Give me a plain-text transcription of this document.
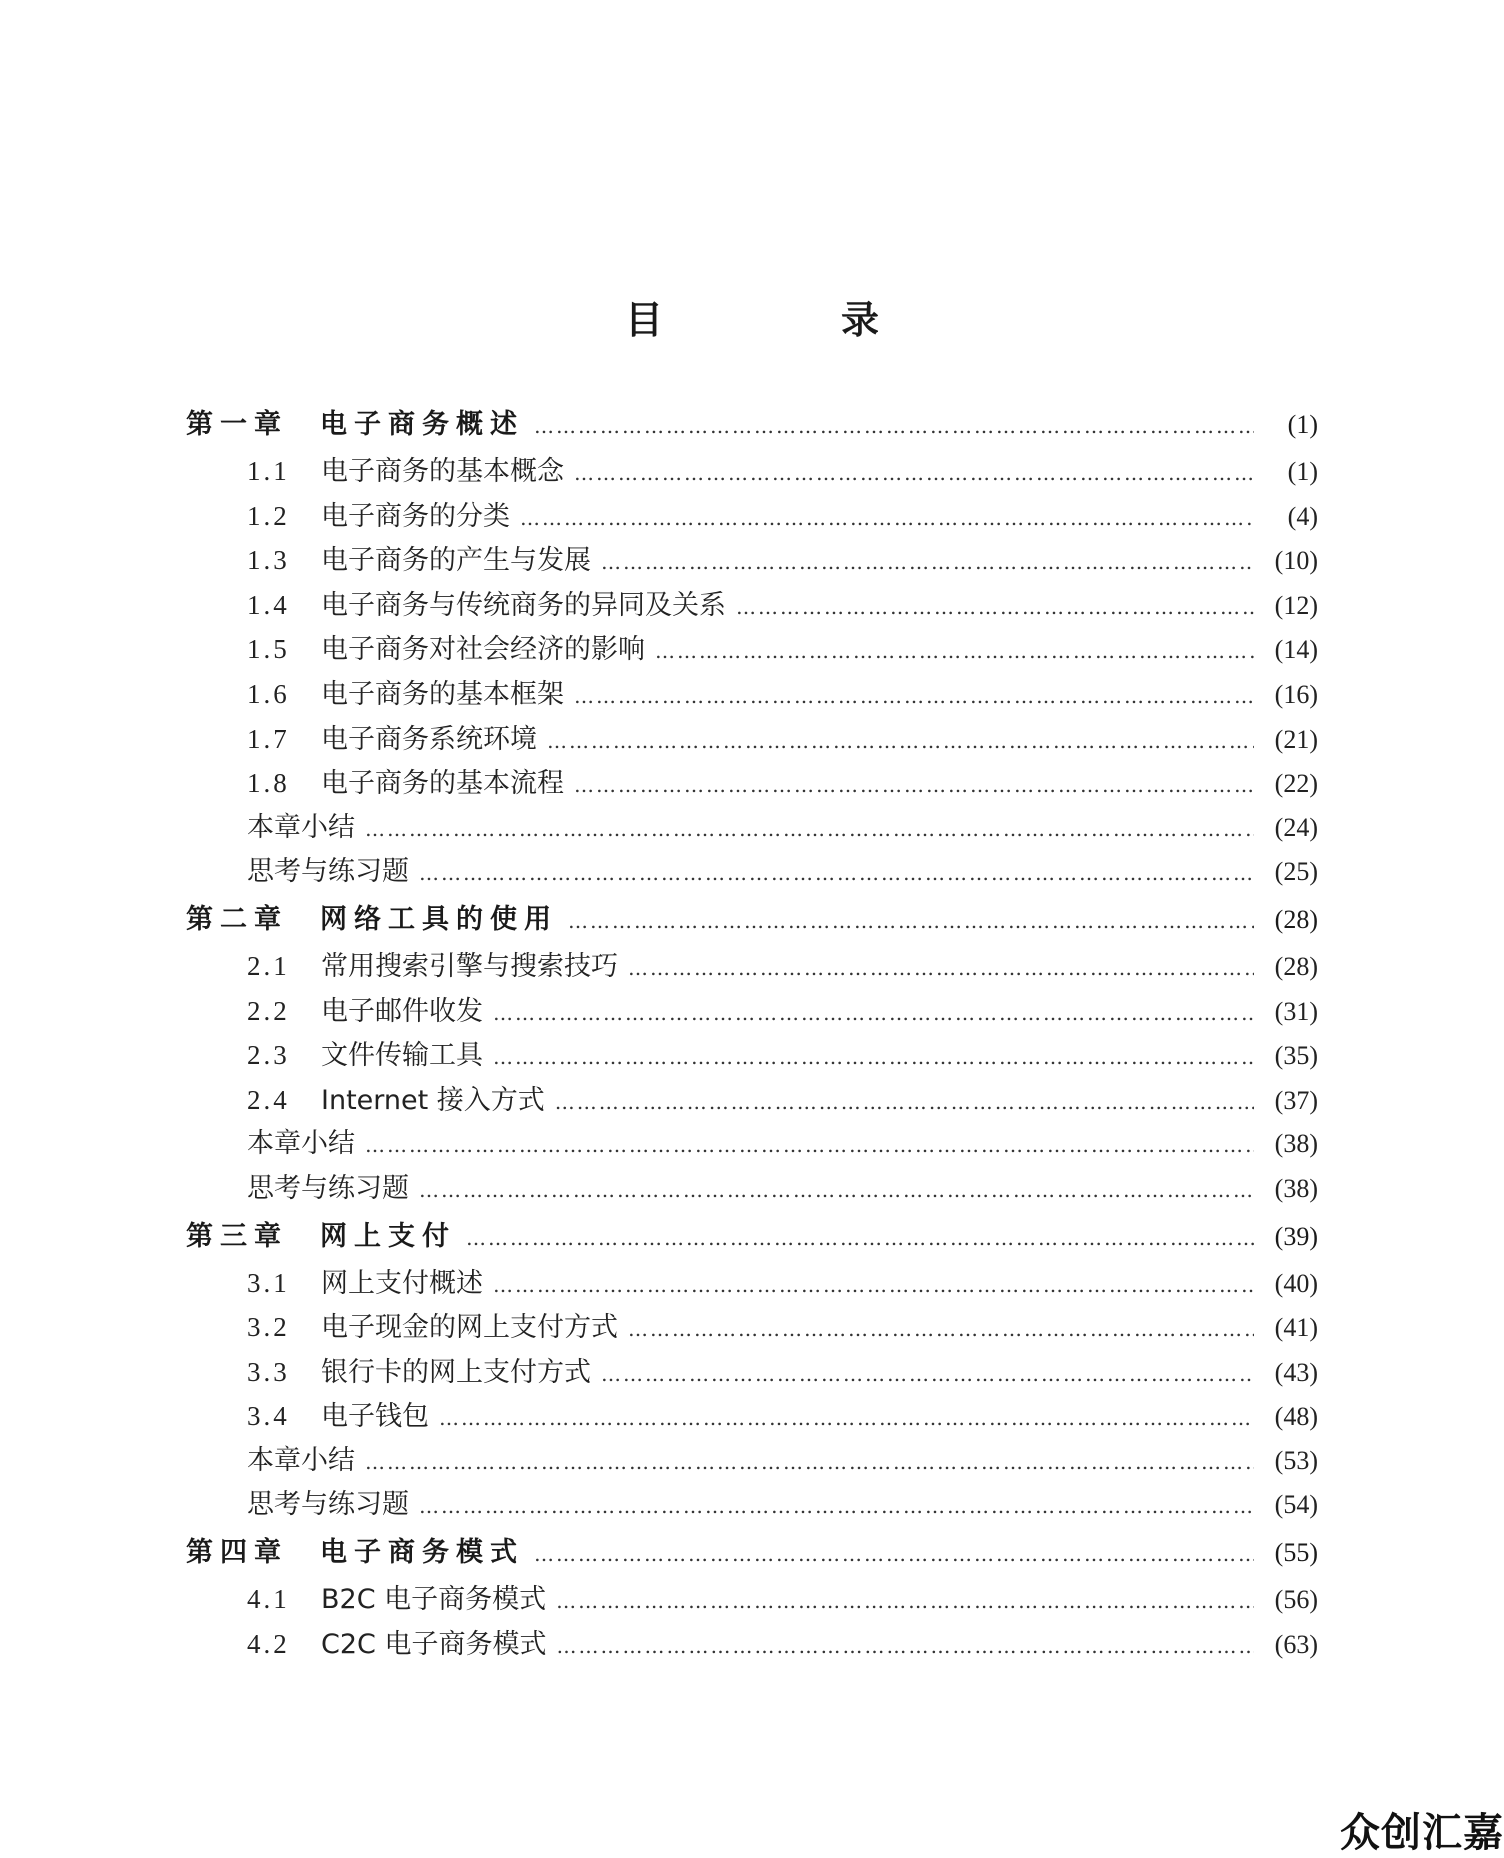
目　录
第一章	电子商务概述 ……………………………………………………………………………………………………………………………………………………………………………………………………	(1)
1.1	电子商务的基本概念 ……………………………………………………………………………………………………………………………………………………………………………………………………	(1)
1.2	电子商务的分类 ……………………………………………………………………………………………………………………………………………………………………………………………………	(4)
1.3	电子商务的产生与发展 ……………………………………………………………………………………………………………………………………………………………………………………………………	(10)
1.4	电子商务与传统商务的异同及关系 ……………………………………………………………………………………………………………………………………………………………………………………………………	(12)
1.5	电子商务对社会经济的影响 ……………………………………………………………………………………………………………………………………………………………………………………………………	(14)
1.6	电子商务的基本框架 ……………………………………………………………………………………………………………………………………………………………………………………………………	(16)
1.7	电子商务系统环境 ……………………………………………………………………………………………………………………………………………………………………………………………………	(21)
1.8	电子商务的基本流程 ……………………………………………………………………………………………………………………………………………………………………………………………………	(22)
本章小结 ……………………………………………………………………………………………………………………………………………………………………………………………………	(24)
思考与练习题 ……………………………………………………………………………………………………………………………………………………………………………………………………	(25)
第二章	网络工具的使用 ……………………………………………………………………………………………………………………………………………………………………………………………………	(28)
2.1	常用搜索引擎与搜索技巧 ……………………………………………………………………………………………………………………………………………………………………………………………………	(28)
2.2	电子邮件收发 ……………………………………………………………………………………………………………………………………………………………………………………………………	(31)
2.3	文件传输工具 ……………………………………………………………………………………………………………………………………………………………………………………………………	(35)
2.4	Internet 接入方式 ……………………………………………………………………………………………………………………………………………………………………………………………………	(37)
本章小结 ……………………………………………………………………………………………………………………………………………………………………………………………………	(38)
思考与练习题 ……………………………………………………………………………………………………………………………………………………………………………………………………	(38)
第三章	网上支付 ……………………………………………………………………………………………………………………………………………………………………………………………………	(39)
3.1	网上支付概述 ……………………………………………………………………………………………………………………………………………………………………………………………………	(40)
3.2	电子现金的网上支付方式 ……………………………………………………………………………………………………………………………………………………………………………………………………	(41)
3.3	银行卡的网上支付方式 ……………………………………………………………………………………………………………………………………………………………………………………………………	(43)
3.4	电子钱包 ……………………………………………………………………………………………………………………………………………………………………………………………………	(48)
本章小结 ……………………………………………………………………………………………………………………………………………………………………………………………………	(53)
思考与练习题 ……………………………………………………………………………………………………………………………………………………………………………………………………	(54)
第四章	电子商务模式 ……………………………………………………………………………………………………………………………………………………………………………………………………	(55)
4.1	B2C 电子商务模式 ……………………………………………………………………………………………………………………………………………………………………………………………………	(56)
4.2	C2C 电子商务模式 ……………………………………………………………………………………………………………………………………………………………………………………………………	(63)
众创汇嘉
